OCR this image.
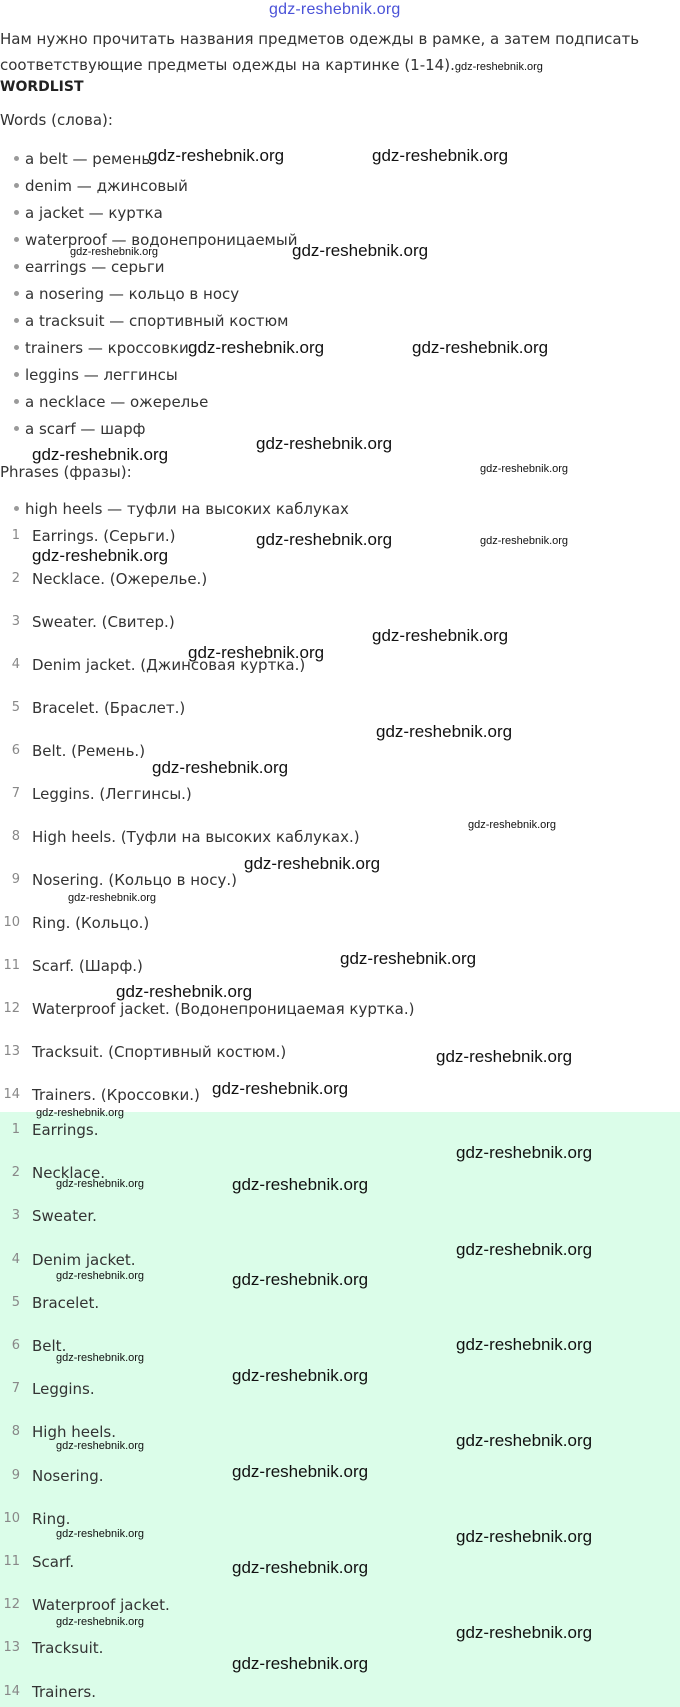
gdz-reshebnik.org
Нам нужно прочитать названия предметов одежды в рамке, а затем подписать соответствующие предметы одежды на картинке (1-14).gdz-reshebnik.org
WORDLIST
Words (слова):
a belt — ремень
denim — джинсовый
a jacket — куртка
waterproof — водонепроницаемый
earrings — серьги
a nosering — кольцо в носу
a tracksuit — спортивный костюм
trainers — кроссовки
leggins — леггинсы
a necklace — ожерелье
a scarf — шарф
Phrases (фразы):
high heels — туфли на высоких каблуках
1 Earrings. (Серьги.)
2 Necklace. (Ожерелье.)
3 Sweater. (Свитер.)
4 Denim jacket. (Джинсовая куртка.)
5 Bracelet. (Браслет.)
6 Belt. (Ремень.)
7 Leggins. (Леггинсы.)
8 High heels. (Туфли на высоких каблуках.)
9 Nosering. (Кольцо в носу.)
10 Ring. (Кольцо.)
11 Scarf. (Шарф.)
12 Waterproof jacket. (Водонепроницаемая куртка.)
13 Tracksuit. (Спортивный костюм.)
14 Trainers. (Кроссовки.)
1 Earrings.
2 Necklace.
3 Sweater.
4 Denim jacket.
5 Bracelet.
6 Belt.
7 Leggins.
8 High heels.
9 Nosering.
10 Ring.
11 Scarf.
12 Waterproof jacket.
13 Tracksuit.
14 Trainers.
gdz-reshebnik.org	gdz-reshebnik.org
gdz-reshebnik.org	gdz-reshebnik.org
gdz-reshebnik.org	gdz-reshebnik.org
gdz-reshebnik.org
gdz-reshebnik.org
gdz-reshebnik.org
gdz-reshebnik.org	gdz-reshebnik.org
gdz-reshebnik.org
gdz-reshebnik.org
gdz-reshebnik.org
gdz-reshebnik.org
gdz-reshebnik.org
gdz-reshebnik.org
gdz-reshebnik.org
gdz-reshebnik.org
gdz-reshebnik.org
gdz-reshebnik.org
gdz-reshebnik.org
gdz-reshebnik.org
gdz-reshebnik.org
gdz-reshebnik.org
gdz-reshebnik.org	gdz-reshebnik.org
gdz-reshebnik.org
gdz-reshebnik.org	gdz-reshebnik.org
gdz-reshebnik.org
gdz-reshebnik.org
gdz-reshebnik.org
gdz-reshebnik.org
gdz-reshebnik.org
gdz-reshebnik.org
gdz-reshebnik.org
gdz-reshebnik.org
gdz-reshebnik.org
gdz-reshebnik.org
gdz-reshebnik.org
gdz-reshebnik.org
